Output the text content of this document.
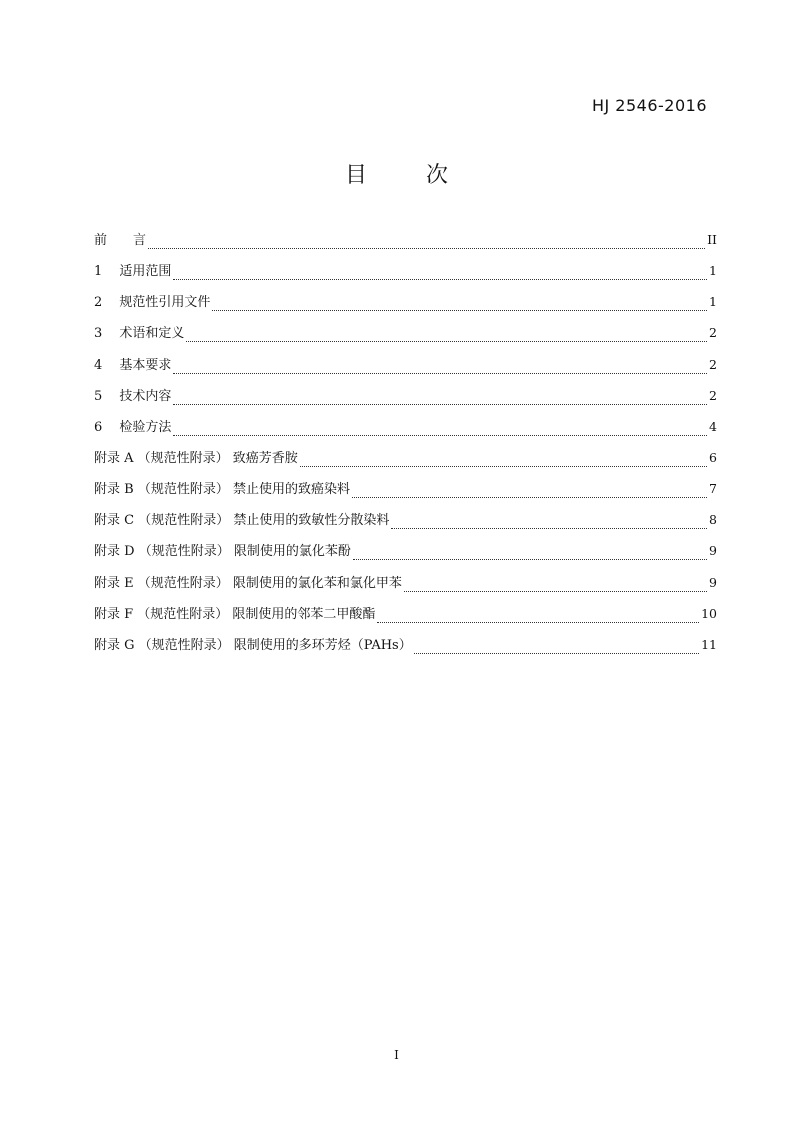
HJ 2546-2016
目 次
前　　言	II
1　 适用范围	1
2　 规范性引用文件	1
3　 术语和定义	2
4　 基本要求	2
5　 技术内容	2
6　 检验方法	4
附录 A （规范性附录） 致癌芳香胺	6
附录 B （规范性附录） 禁止使用的致癌染料	7
附录 C （规范性附录） 禁止使用的致敏性分散染料	8
附录 D （规范性附录） 限制使用的氯化苯酚	9
附录 E （规范性附录） 限制使用的氯化苯和氯化甲苯	9
附录 F （规范性附录） 限制使用的邻苯二甲酸酯	10
附录 G （规范性附录） 限制使用的多环芳烃（PAHs）	11
I
